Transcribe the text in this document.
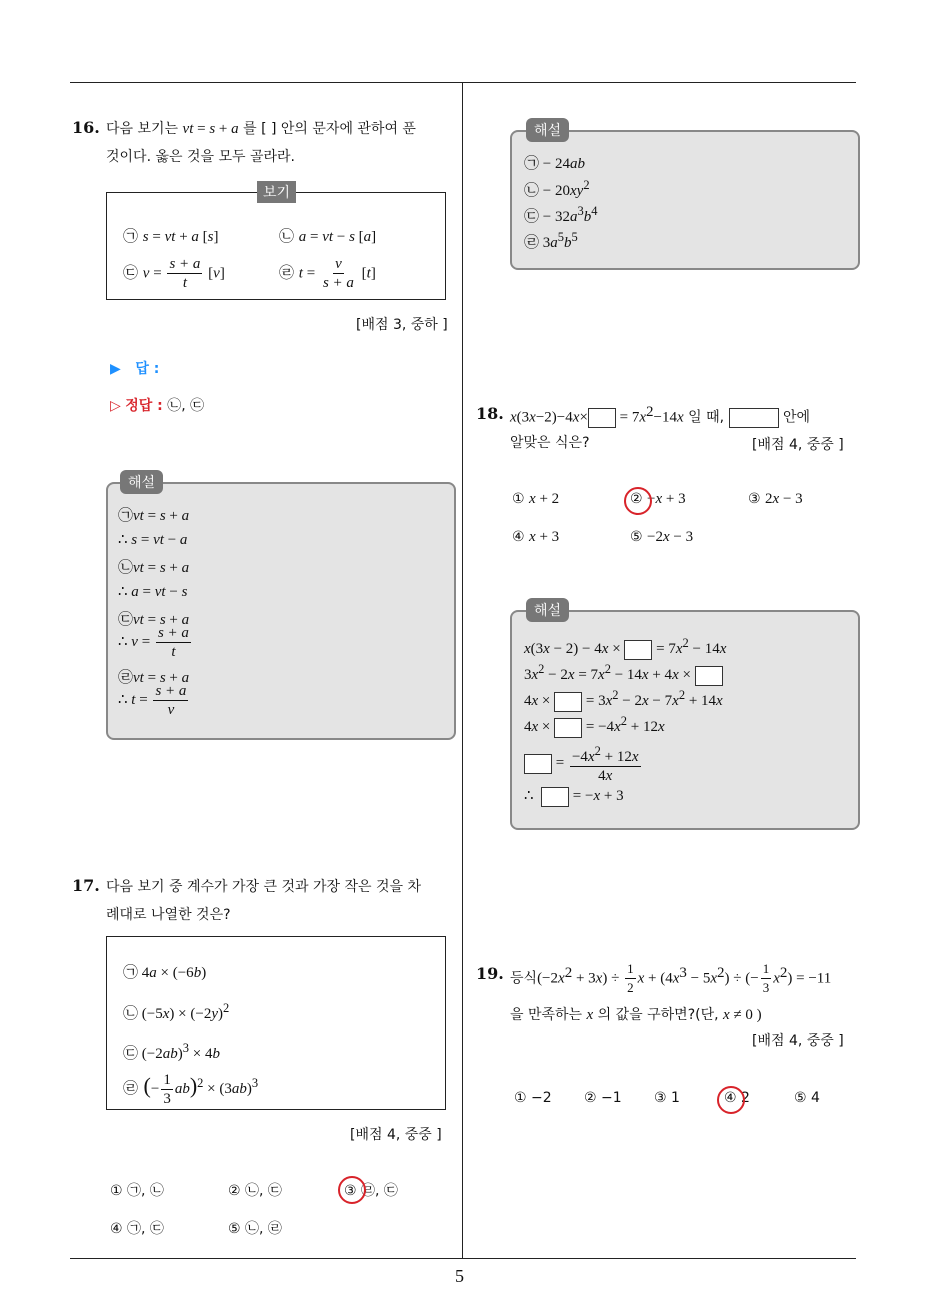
16. 다음 보기는 vt = s + a 를 [ ] 안의 문자에 관하여 푼
것이다. 옳은 것을 모두 골라라.
보기
㉠ s = vt + a [s]	㉡ a = vt − s [a]
㉢ $v = \frac{s + a}{t} [v]$	㉣ $t = \frac{v}{s + a} [t]$
[배점 3, 중하 ]
▶ 답 :
▷ 정답 : ㉡, ㉢
해설
㉠vt = s + a
∴ s = vt − a
㉡vt = s + a
∴ a = vt − s
㉢vt = s + a
∴ $v = \frac{s + a}{t}$
㉣vt = s + a
∴ $t = \frac{s + a}{v}$
17. 다음 보기 중 계수가 가장 큰 것과 가장 작은 것을 차
례대로 나열한 것은?
㉠ 4a × (−6b)
㉡ $(-5x) \times (-2y)^2$
㉢ $(-2ab)^3 \times 4b$
㉣ (− $\frac{1}{3} ab)^2 \times (3ab)^3$
[배점 4, 중중 ]
① ㉠, ㉡	② ㉡, ㉢	③ ㉣, ㉢
④ ㉠, ㉢	⑤ ㉡, ㉣
해설
㉠ − 24ab
㉡ − $20xy^2$
㉢ − $32a^3b^4$
㉣ $3a^5b^5$
18. $x(3x-2)-4x\times = 7x^2-14x$ 일 때,	안에
알맞은 식은?	[배점 4, 중중 ]
① x + 2	② −x + 3	③ 2x − 3
④ x + 3	⑤ −2x − 3
해설
x(3x − 2) − 4x ×  = $7x^2 - 14x$
$3x^2 - 2x = 7x^2 - 14x + 4x$ ×
4x ×  = $3x^2 - 2x - 7x^2 + 14x$
4x ×  = $-4x^2 + 12x$
= $\frac{-4x^2 + 12x}{4x}$
∴   = −x + 3
19. 등식$(-2x^2 + 3x) \div \frac{1}{2}$ $x + (4x^3 - 5x^2)$ ÷ (− $\frac{1}{3} x^2) = -11$
을 만족하는 x 의 값을 구하면?(단, x ≠ 0 )
[배점 4, 중중 ]
① −2 ② −1 ③ 1	④ 2	⑤ 4
5
